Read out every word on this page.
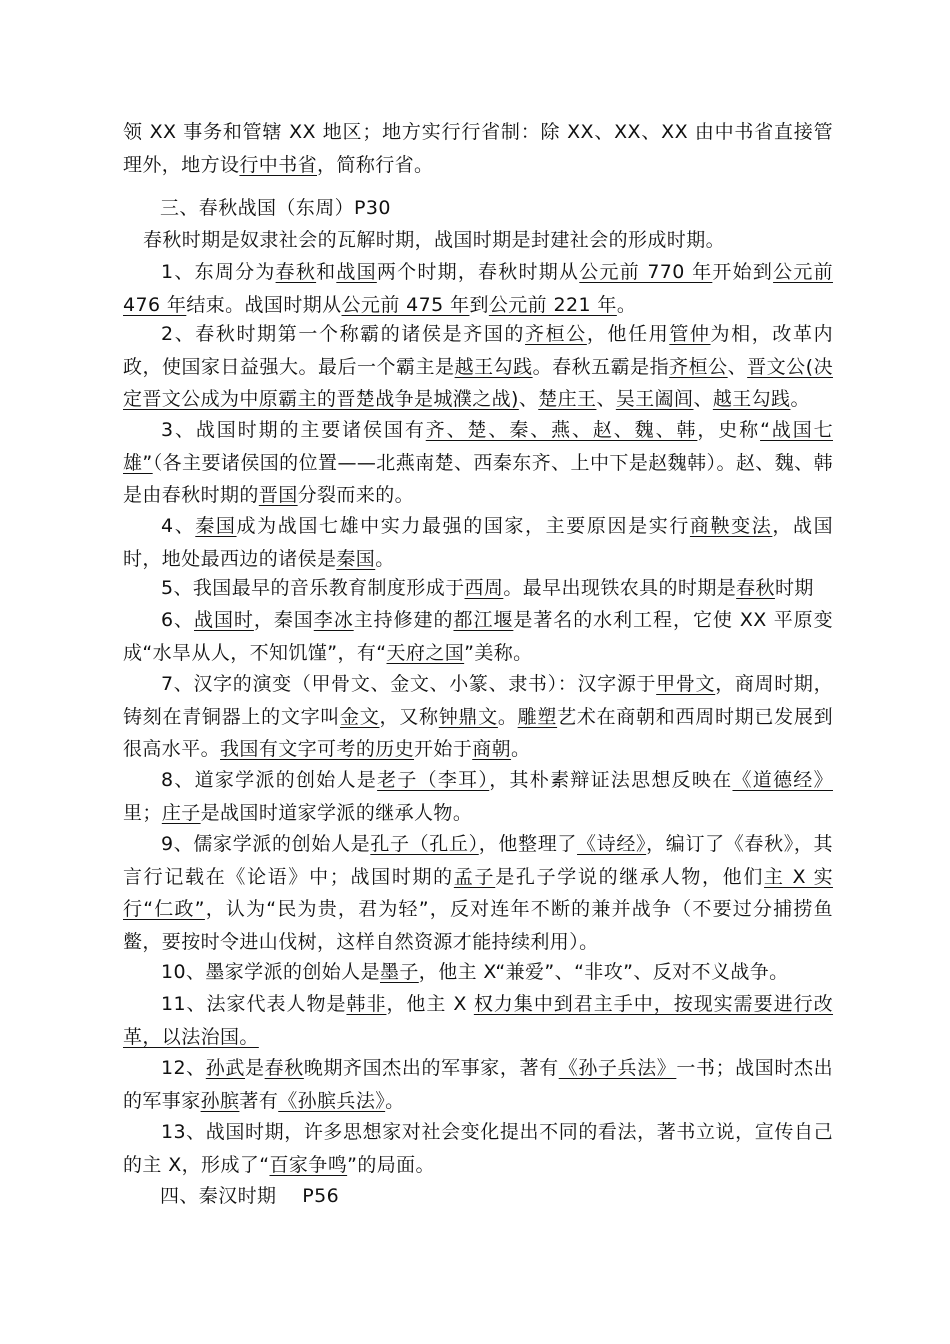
领 XX 事务和管辖 XX 地区；地方实行行省制：除 XX、XX、XX 由中书省直接管理外，地方设行中书省，简称行省。

三、春秋战国（东周）P30

春秋时期是奴隶社会的瓦解时期，战国时期是封建社会的形成时期。

1、东周分为春秋和战国两个时期，春秋时期从公元前 770 年开始到公元前 476 年结束。战国时期从公元前 475 年到公元前 221 年。

2、春秋时期第一个称霸的诸侯是齐国的齐桓公，他任用管仲为相，改革内政，使国家日益强大。最后一个霸主是越王勾践。春秋五霸是指齐桓公、晋文公(决定晋文公成为中原霸主的晋楚战争是城濮之战)、楚庄王、吴王阖闾、越王勾践。

3、战国时期的主要诸侯国有齐、楚、秦、燕、赵、魏、韩，史称“战国七雄”（各主要诸侯国的位置——北燕南楚、西秦东齐、上中下是赵魏韩）。赵、魏、韩是由春秋时期的晋国分裂而来的。

4、秦国成为战国七雄中实力最强的国家，主要原因是实行商鞅变法，战国时，地处最西边的诸侯是秦国。

5、我国最早的音乐教育制度形成于西周。最早出现铁农具的时期是春秋时期

6、战国时，秦国李冰主持修建的都江堰是著名的水利工程，它使 XX 平原变成“水旱从人，不知饥馑”，有“天府之国”美称。

7、汉字的演变（甲骨文、金文、小篆、隶书）：汉字源于甲骨文，商周时期，铸刻在青铜器上的文字叫金文，又称钟鼎文。雕塑艺术在商朝和西周时期已发展到很高水平。我国有文字可考的历史开始于商朝。

8、道家学派的创始人是老子（李耳），其朴素辩证法思想反映在《道德经》里；庄子是战国时道家学派的继承人物。

9、儒家学派的创始人是孔子（孔丘），他整理了《诗经》，编订了《春秋》，其言行记载在《论语》中；战国时期的孟子是孔子学说的继承人物，他们主 X 实行“仁政”，认为“民为贵，君为轻”，反对连年不断的兼并战争（不要过分捕捞鱼鳖，要按时令进山伐树，这样自然资源才能持续利用）。

10、墨家学派的创始人是墨子，他主 X“兼爱”、“非攻”、反对不义战争。

11、法家代表人物是韩非，他主 X 权力集中到君主手中，按现实需要进行改革，以法治国。

12、孙武是春秋晚期齐国杰出的军事家，著有《孙子兵法》一书；战国时杰出的军事家孙膑著有《孙膑兵法》。

13、战国时期，许多思想家对社会变化提出不同的看法，著书立说，宣传自己的主 X，形成了“百家争鸣”的局面。

四、秦汉时期　 P56
